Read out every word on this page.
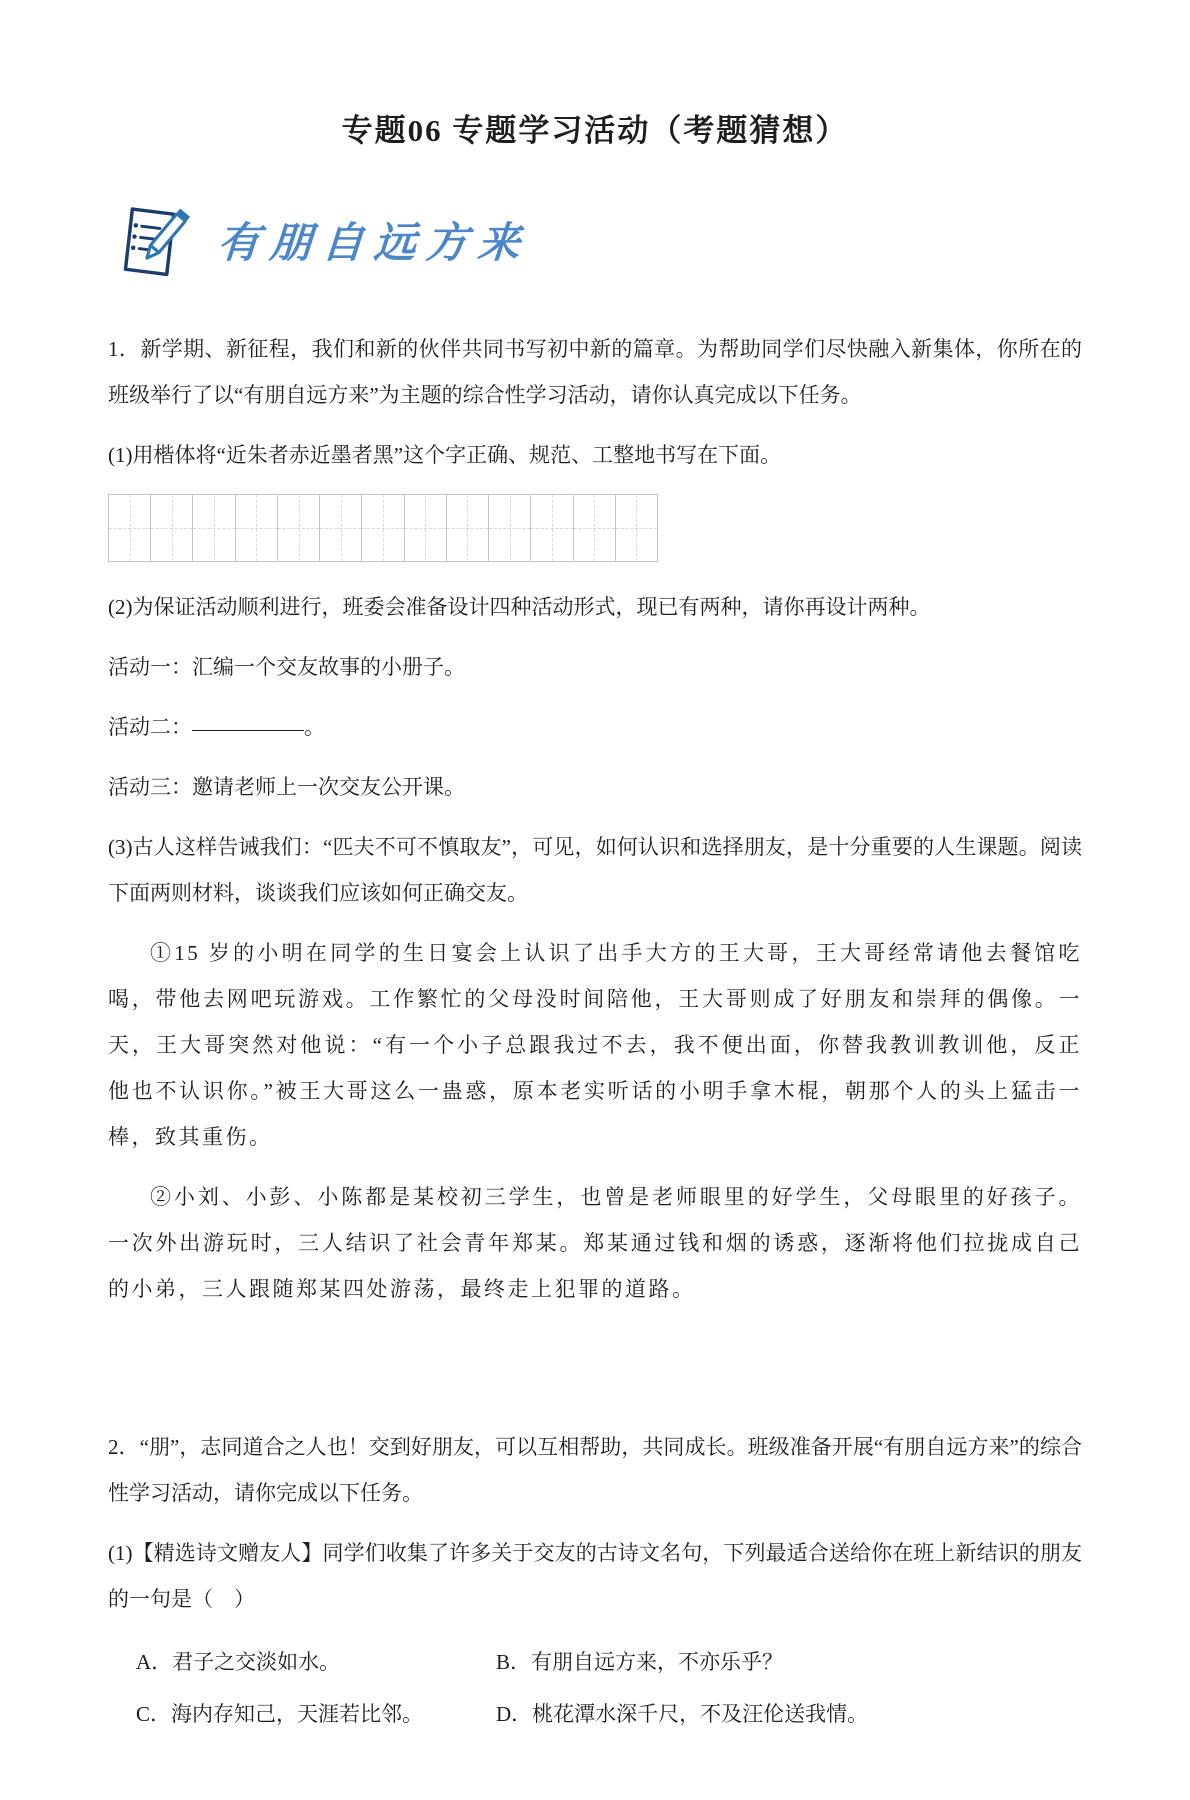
专题06 专题学习活动（考题猜想）
有朋自远方来

1．新学期、新征程，我们和新的伙伴共同书写初中新的篇章。为帮助同学们尽快融入新集体，你所在的班级举行了以“有朋自远方来”为主题的综合性学习活动，请你认真完成以下任务。

(1)用楷体将“近朱者赤近墨者黑”这个字正确、规范、工整地书写在下面。

(2)为保证活动顺利进行，班委会准备设计四种活动形式，现已有两种，请你再设计两种。

活动一：汇编一个交友故事的小册子。

活动二：	。

活动三：邀请老师上一次交友公开课。

(3)古人这样告诫我们：“匹夫不可不慎取友”，可见，如何认识和选择朋友，是十分重要的人生课题。阅读下面两则材料，谈谈我们应该如何正确交友。

①15 岁的小明在同学的生日宴会上认识了出手大方的王大哥，王大哥经常请他去餐馆吃喝，带他去网吧玩游戏。工作繁忙的父母没时间陪他，王大哥则成了好朋友和崇拜的偶像。一天，王大哥突然对他说：“有一个小子总跟我过不去，我不便出面，你替我教训教训他，反正他也不认识你。”被王大哥这么一蛊惑，原本老实听话的小明手拿木棍，朝那个人的头上猛击一棒，致其重伤。

②小刘、小彭、小陈都是某校初三学生，也曾是老师眼里的好学生，父母眼里的好孩子。一次外出游玩时，三人结识了社会青年郑某。郑某通过钱和烟的诱惑，逐渐将他们拉拢成自己的小弟，三人跟随郑某四处游荡，最终走上犯罪的道路。

2．“朋”，志同道合之人也！交到好朋友，可以互相帮助，共同成长。班级准备开展“有朋自远方来”的综合性学习活动，请你完成以下任务。

(1)【精选诗文赠友人】同学们收集了许多关于交友的古诗文名句，下列最适合送给你在班上新结识的朋友的一句是（　）

A．君子之交淡如水。	B．有朋自远方来，不亦乐乎？
C．海内存知己，天涯若比邻。	D．桃花潭水深千尺，不及汪伦送我情。
